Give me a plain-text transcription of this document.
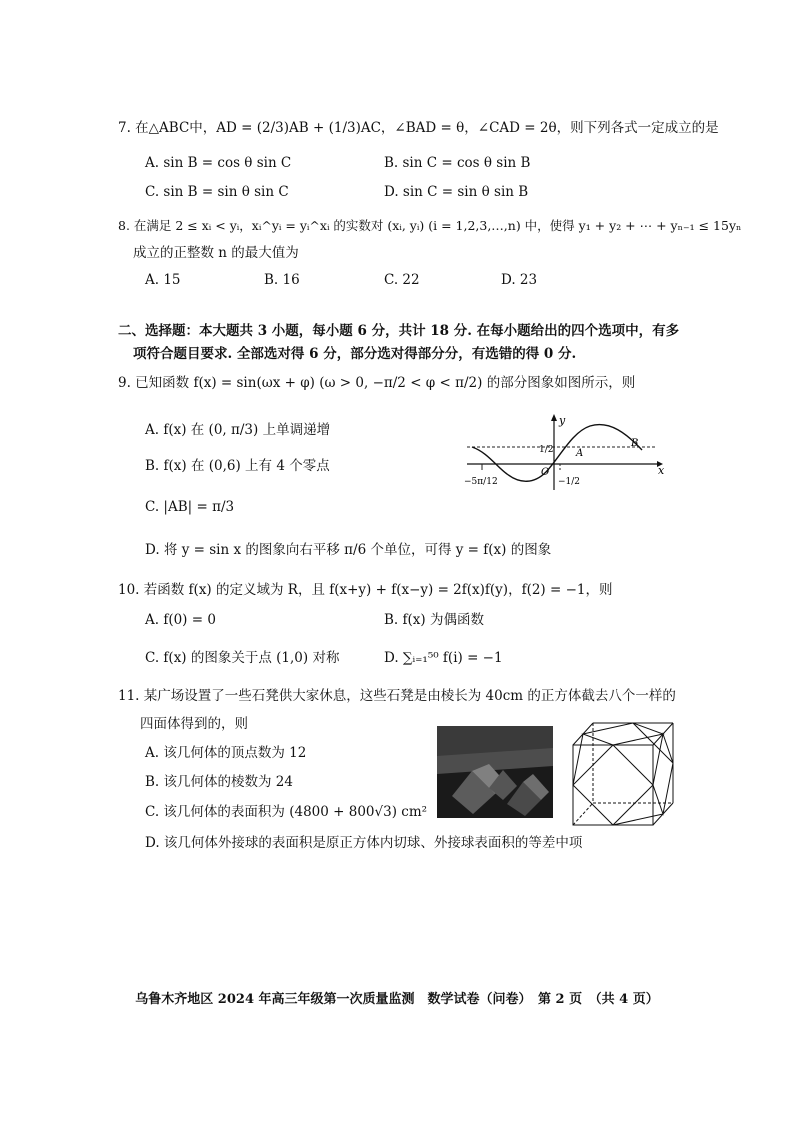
7. 在△ABC中，AD = (2/3)AB + (1/3)AC，∠BAD = θ，∠CAD = 2θ，则下列各式一定成立的是
A. sin B = cos θ sin C	B. sin C = cos θ sin B
C. sin B = sin θ sin C	D. sin C = sin θ sin B
8. 在满足 2 ≤ xᵢ < yᵢ，xᵢ^yᵢ = yᵢ^xᵢ 的实数对 (xᵢ, yᵢ) (i = 1,2,3,…,n) 中，使得 y₁ + y₂ + ⋯ + yₙ₋₁ ≤ 15yₙ
成立的正整数 n 的最大值为
A. 15	B. 16	C. 22	D. 23
二、选择题：本大题共 3 小题，每小题 6 分，共计 18 分. 在每小题给出的四个选项中，有多
项符合题目要求. 全部选对得 6 分，部分选对得部分分，有选错的得 0 分.
9. 已知函数 f(x) = sin(ωx + φ) (ω > 0, −π/2 < φ < π/2) 的部分图象如图所示，则
A. f(x) 在 (0, π/3) 上单调递增
B. f(x) 在 (0,6) 上有 4 个零点
C. |AB| = π/3
D. 将 y = sin x 的图象向右平移 π/6 个单位，可得 y = f(x) 的图象
y
x
O
A
B
1/2
−1/2
−5π/12
10. 若函数 f(x) 的定义域为 R，且 f(x+y) + f(x−y) = 2f(x)f(y)，f(2) = −1，则
A. f(0) = 0	B. f(x) 为偶函数
C. f(x) 的图象关于点 (1,0) 对称	D. ∑ᵢ₌₁⁵⁰ f(i) = −1
11. 某广场设置了一些石凳供大家休息，这些石凳是由棱长为 40cm 的正方体截去八个一样的
四面体得到的，则
A. 该几何体的顶点数为 12
B. 该几何体的棱数为 24
C. 该几何体的表面积为 (4800 + 800√3) cm²
D. 该几何体外接球的表面积是原正方体内切球、外接球表面积的等差中项
乌鲁木齐地区 2024 年高三年级第一次质量监测　数学试卷（问卷）　第 2 页　（共 4 页）
